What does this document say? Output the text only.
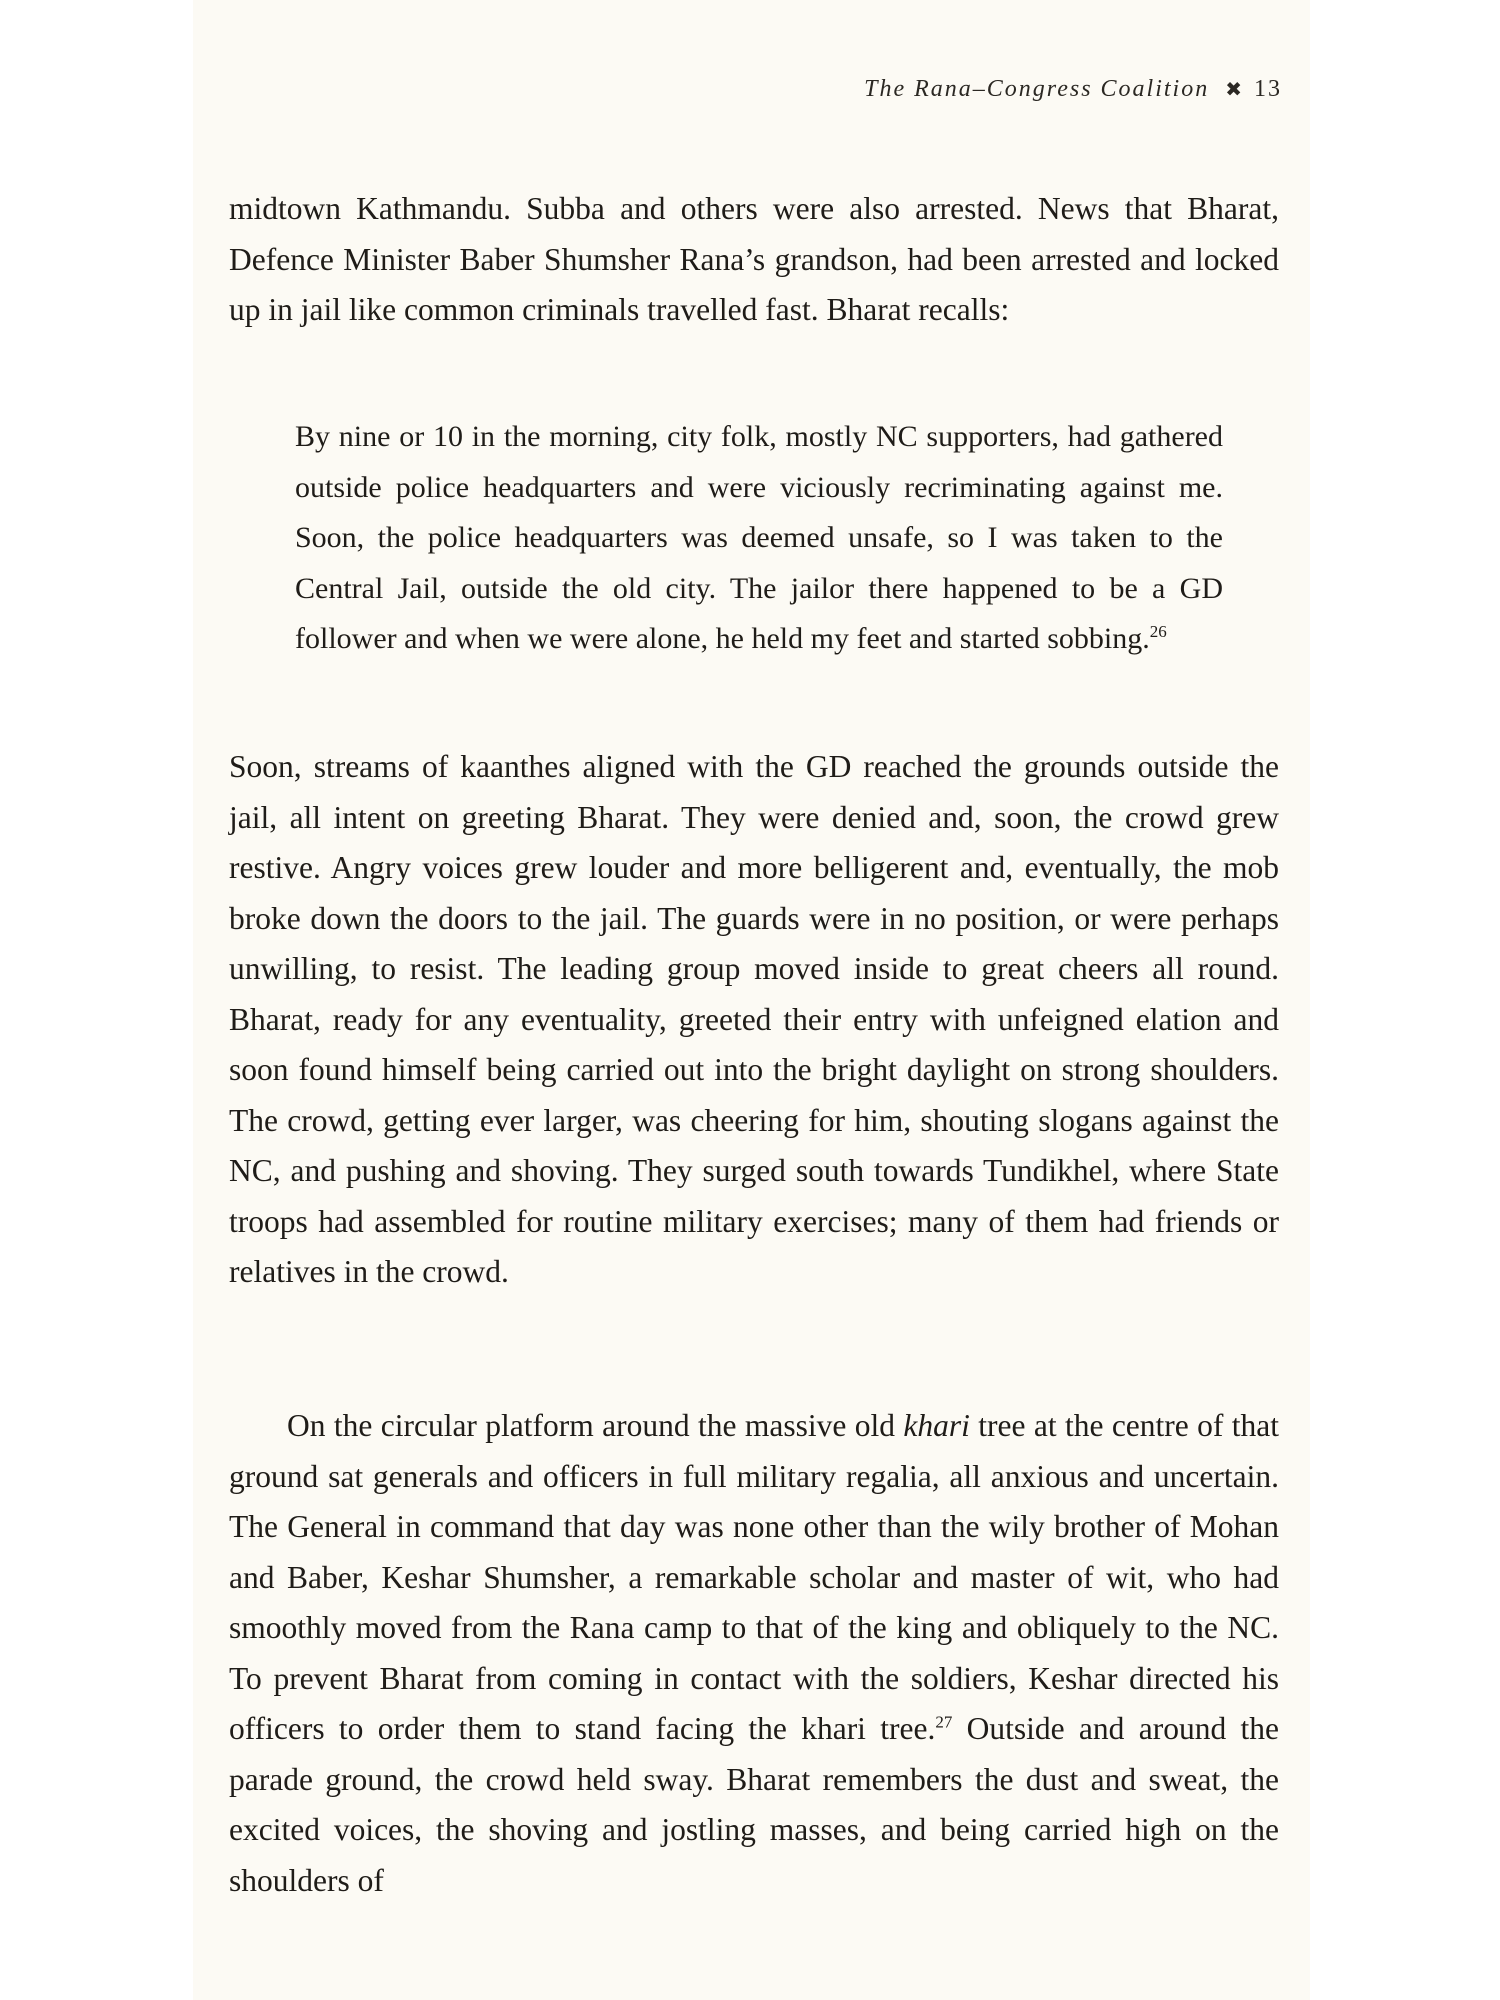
The Rana–Congress Coalition ✖ 13

midtown Kathmandu. Subba and others were also arrested. News that Bharat, Defence Minister Baber Shumsher Rana’s grandson, had been arrested and locked up in jail like common criminals travelled fast. Bharat recalls:

By nine or 10 in the morning, city folk, mostly NC supporters, had gathered outside police headquarters and were viciously recriminating against me. Soon, the police headquarters was deemed unsafe, so I was taken to the Central Jail, outside the old city. The jailor there happened to be a GD follower and when we were alone, he held my feet and started sobbing.$^{26}$

Soon, streams of kaanthes aligned with the GD reached the grounds outside the jail, all intent on greeting Bharat. They were denied and, soon, the crowd grew restive. Angry voices grew louder and more belligerent and, eventually, the mob broke down the doors to the jail. The guards were in no position, or were perhaps unwilling, to resist. The leading group moved inside to great cheers all round. Bharat, ready for any eventuality, greeted their entry with unfeigned elation and soon found himself being carried out into the bright daylight on strong shoulders. The crowd, getting ever larger, was cheering for him, shouting slogans against the NC, and pushing and shoving. They surged south towards Tundikhel, where State troops had assembled for routine military exercises; many of them had friends or relatives in the crowd.

On the circular platform around the massive old khari tree at the centre of that ground sat generals and officers in full military regalia, all anxious and uncertain. The General in command that day was none other than the wily brother of Mohan and Baber, Keshar Shumsher, a remarkable scholar and master of wit, who had smoothly moved from the Rana camp to that of the king and obliquely to the NC. To prevent Bharat from coming in contact with the soldiers, Keshar directed his officers to order them to stand facing the khari tree.$^{27}$ Outside and around the parade ground, the crowd held sway. Bharat remembers the dust and sweat, the excited voices, the shoving and jostling masses, and being carried high on the shoulders of
